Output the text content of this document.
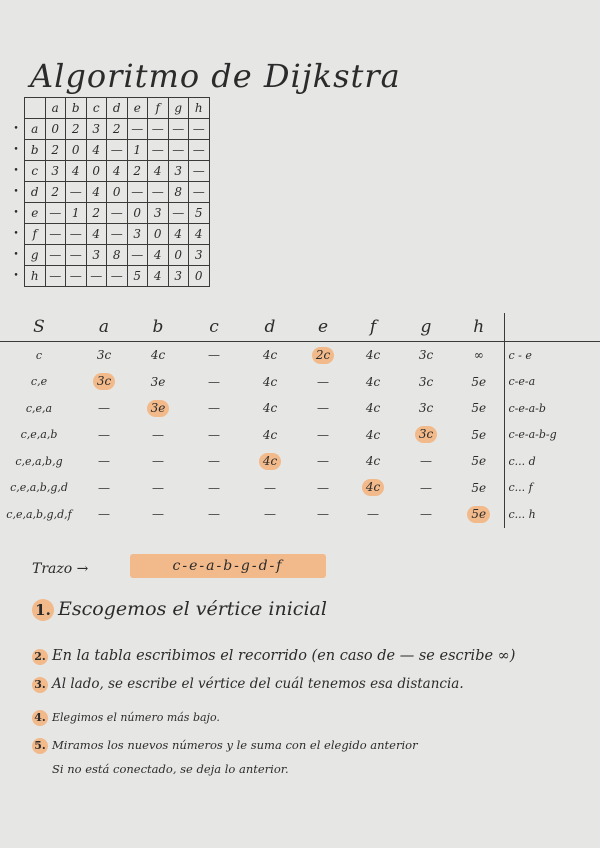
Algoritmo de Dijkstra
		a	b	c	d	e	f	g	h
•	a	0	2	3	2	—	—	—	—
•	b	2	0	4	—	1	—	—	—
•	c	3	4	0	4	2	4	3	—
•	d	2	—	4	0	—	—	8	—
•	e	—	1	2	—	0	3	—	5
•	f	—	—	4	—	3	0	4	4
•	g	—	—	3	8	—	4	0	3
•	h	—	—	—	—	5	4	3	0
S	a	b	c	d	e	f	g	h	
c	3c	4c	—	4c	2c	4c	3c	∞	c - e
c,e	3c	3e	—	4c	—	4c	3c	5e	c-e-a
c,e,a	—	3e	—	4c	—	4c	3c	5e	c-e-a-b
c,e,a,b	—	—	—	4c	—	4c	3c	5e	c-e-a-b-g
c,e,a,b,g	—	—	—	4c	—	4c	—	5e	c... d
c,e,a,b,g,d	—	—	—	—	—	4c	—	5e	c... f
c,e,a,b,g,d,f	—	—	—	—	—	—	—	5e	c... h
Trazo →	c-e-a-b-g-d-f
1. Escogemos el vértice inicial
2. En la tabla escribimos el recorrido (en caso de — se escribe ∞)
3. Al lado, se escribe el vértice del cuál tenemos esa distancia.
4. Elegimos el número más bajo.
5. Miramos los nuevos números y le suma con el elegido anterior
Si no está conectado, se deja lo anterior.
